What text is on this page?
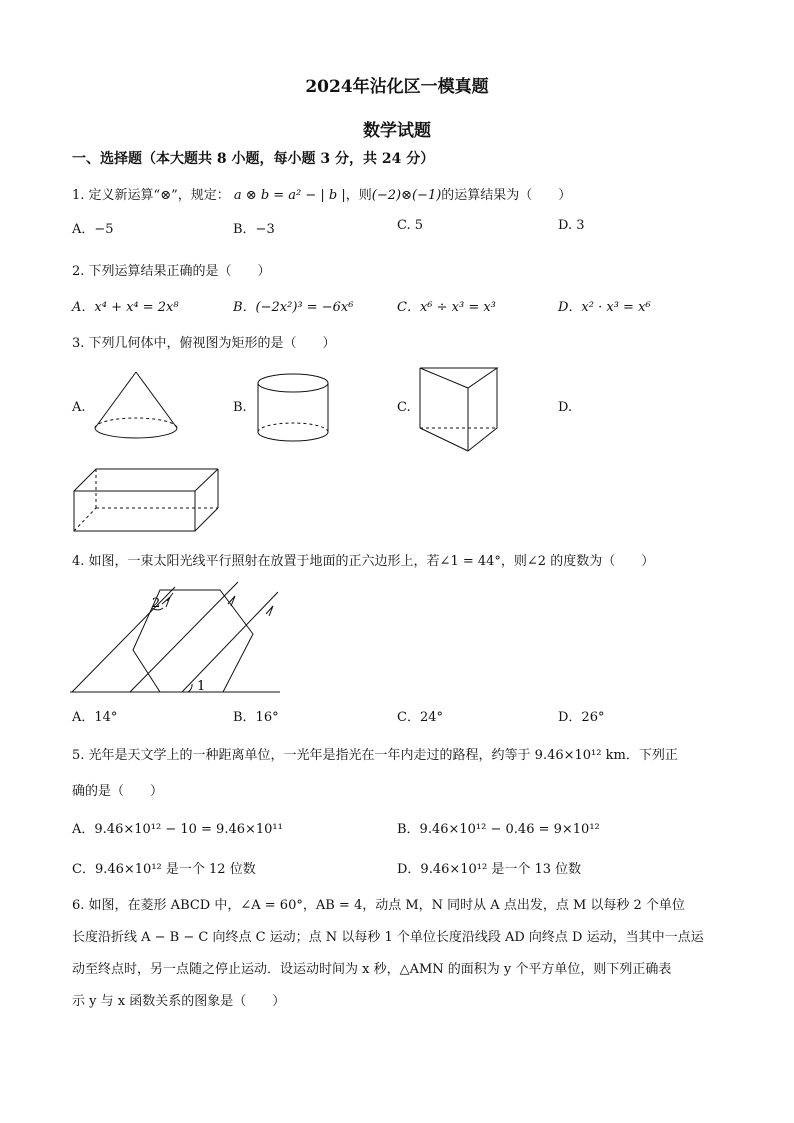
2024年沾化区一模真题
数学试题
一、选择题（本大题共 8 小题，每小题 3 分，共 24 分）
1. 定义新运算“⊗”，规定： a ⊗ b = a² − | b |，则(−2)⊗(−1)的运算结果为（　　）
A．−5	B．−3	C. 5	D. 3
2. 下列运算结果正确的是（　　）
A．x⁴ + x⁴ = 2x⁸	B．(−2x²)³ = −6x⁶	C．x⁶ ÷ x³ = x³	D．x² · x³ = x⁶
3. 下列几何体中，俯视图为矩形的是（　　）
A.	B.	C.	D.
4. 如图，一束太阳光线平行照射在放置于地面的正六边形上，若∠1 = 44°，则∠2 的度数为（　　）
2
1
A．14°	B．16°	C．24°	D．26°
5. 光年是天文学上的一种距离单位，一光年是指光在一年内走过的路程，约等于 9.46×10¹² km．下列正
确的是（　　）
A．9.46×10¹² − 10 = 9.46×10¹¹	B．9.46×10¹² − 0.46 = 9×10¹²
C．9.46×10¹² 是一个 12 位数	D．9.46×10¹² 是一个 13 位数
6. 如图，在菱形 ABCD 中，∠A = 60°，AB = 4，动点 M，N 同时从 A 点出发，点 M 以每秒 2 个单位
长度沿折线 A − B − C 向终点 C 运动；点 N 以每秒 1 个单位长度沿线段 AD 向终点 D 运动，当其中一点运
动至终点时，另一点随之停止运动．设运动时间为 x 秒，△AMN 的面积为 y 个平方单位，则下列正确表
示 y 与 x 函数关系的图象是（　　）
